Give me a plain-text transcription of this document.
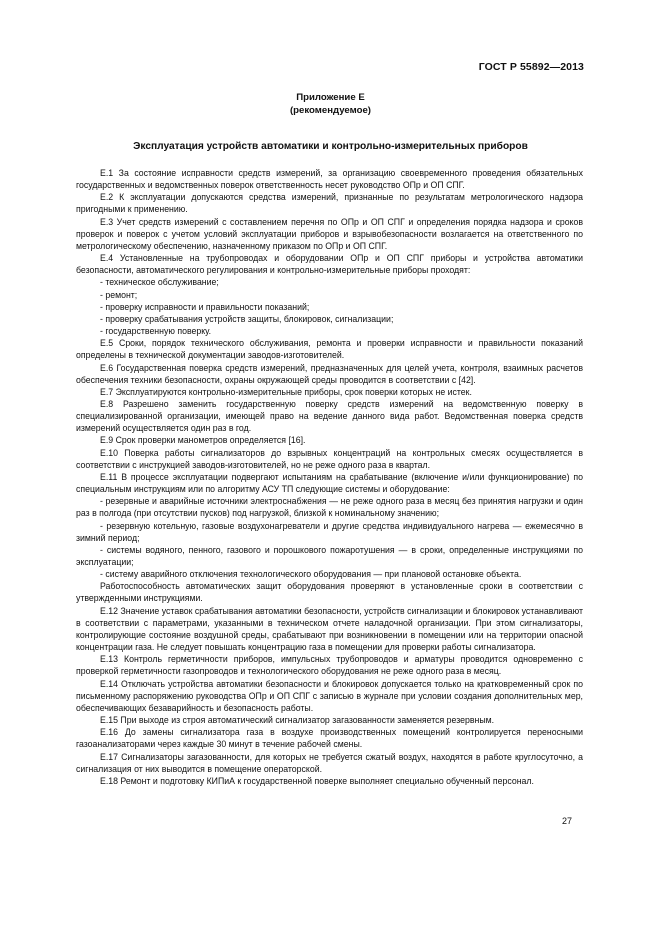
ГОСТ Р 55892—2013
Приложение Е
(рекомендуемое)
Эксплуатация устройств автоматики и контрольно-измерительных приборов

Е.1 За состояние исправности средств измерений, за организацию своевременного проведения обязательных государственных и ведомственных поверок ответственность несет руководство ОПр и ОП СПГ.

Е.2 К эксплуатации допускаются средства измерений, признанные по результатам метрологического надзора пригодными к применению.

Е.3 Учет средств измерений с составлением перечня по ОПр и ОП СПГ и определения порядка надзора и сроков проверок и поверок с учетом условий эксплуатации приборов и взрывобезопасности возлагается на ответственного по метрологическому обеспечению, назначенному приказом по ОПр и ОП СПГ.

Е.4 Установленные на трубопроводах и оборудовании ОПр и ОП СПГ приборы и устройства автоматики безопасности, автоматического регулирования и контрольно-измерительные приборы проходят:

- техническое обслуживание;

- ремонт;

- проверку исправности и правильности показаний;

- проверку срабатывания устройств защиты, блокировок, сигнализации;

- государственную поверку.

Е.5 Сроки, порядок технического обслуживания, ремонта и проверки исправности и правильности показаний определены в технической документации заводов-изготовителей.

Е.6 Государственная поверка средств измерений, предназначенных для целей учета, контроля, взаимных расчетов обеспечения техники безопасности, охраны окружающей среды проводится в соответствии с [42].

Е.7 Эксплуатируются контрольно-измерительные приборы, срок поверки которых не истек.

Е.8 Разрешено заменить государственную поверку средств измерений на ведомственную поверку в специализированной организации, имеющей право на ведение данного вида работ. Ведомственная поверка средств измерений осуществляется один раз в год.

Е.9 Срок проверки манометров определяется [16].

Е.10 Поверка работы сигнализаторов до взрывных концентраций на контрольных смесях осуществляется в соответствии с инструкцией заводов-изготовителей, но не реже одного раза в квартал.

Е.11 В процессе эксплуатации подвергают испытаниям на срабатывание (включение и/или функционирование) по специальным инструкциям или по алгоритму АСУ ТП следующие системы и оборудование:

- резервные и аварийные источники электроснабжения — не реже одного раза в месяц без принятия нагрузки и один раз в полгода (при отсутствии пусков) под нагрузкой, близкой к номинальному значению;

- резервную котельную, газовые воздухонагреватели и другие средства индивидуального нагрева — ежемесячно в зимний период;

- системы водяного, пенного, газового и порошкового пожаротушения — в сроки, определенные инструкциями по эксплуатации;

- систему аварийного отключения технологического оборудования — при плановой остановке объекта.

Работоспособность автоматических защит оборудования проверяют в установленные сроки в соответствии с утвержденными инструкциями.

Е.12 Значение уставок срабатывания автоматики безопасности, устройств сигнализации и блокировок устанавливают в соответствии с параметрами, указанными в техническом отчете наладочной организации. При этом сигнализаторы, контролирующие состояние воздушной среды, срабатывают при возникновении в помещении или на территории опасной концентрации газа. Не следует повышать концентрацию газа в помещении для проверки работы сигнализатора.

Е.13 Контроль герметичности приборов, импульсных трубопроводов и арматуры проводится одновременно с проверкой герметичности газопроводов и технологического оборудования не реже одного раза в месяц.

Е.14 Отключать устройства автоматики безопасности и блокировок допускается только на кратковременный срок по письменному распоряжению руководства ОПр и ОП СПГ с записью в журнале при условии создания дополнительных мер, обеспечивающих безаварийность и безопасность работы.

Е.15 При выходе из строя автоматический сигнализатор загазованности заменяется резервным.

Е.16 До замены сигнализатора газа в воздухе производственных помещений контролируется переносными газоанализаторами через каждые 30 минут в течение рабочей смены.

Е.17 Сигнализаторы загазованности, для которых не требуется сжатый воздух, находятся в работе круглосуточно, а сигнализация от них выводится в помещение операторской.

Е.18 Ремонт и подготовку КИПиА к государственной поверке выполняет специально обученный персонал.

27
